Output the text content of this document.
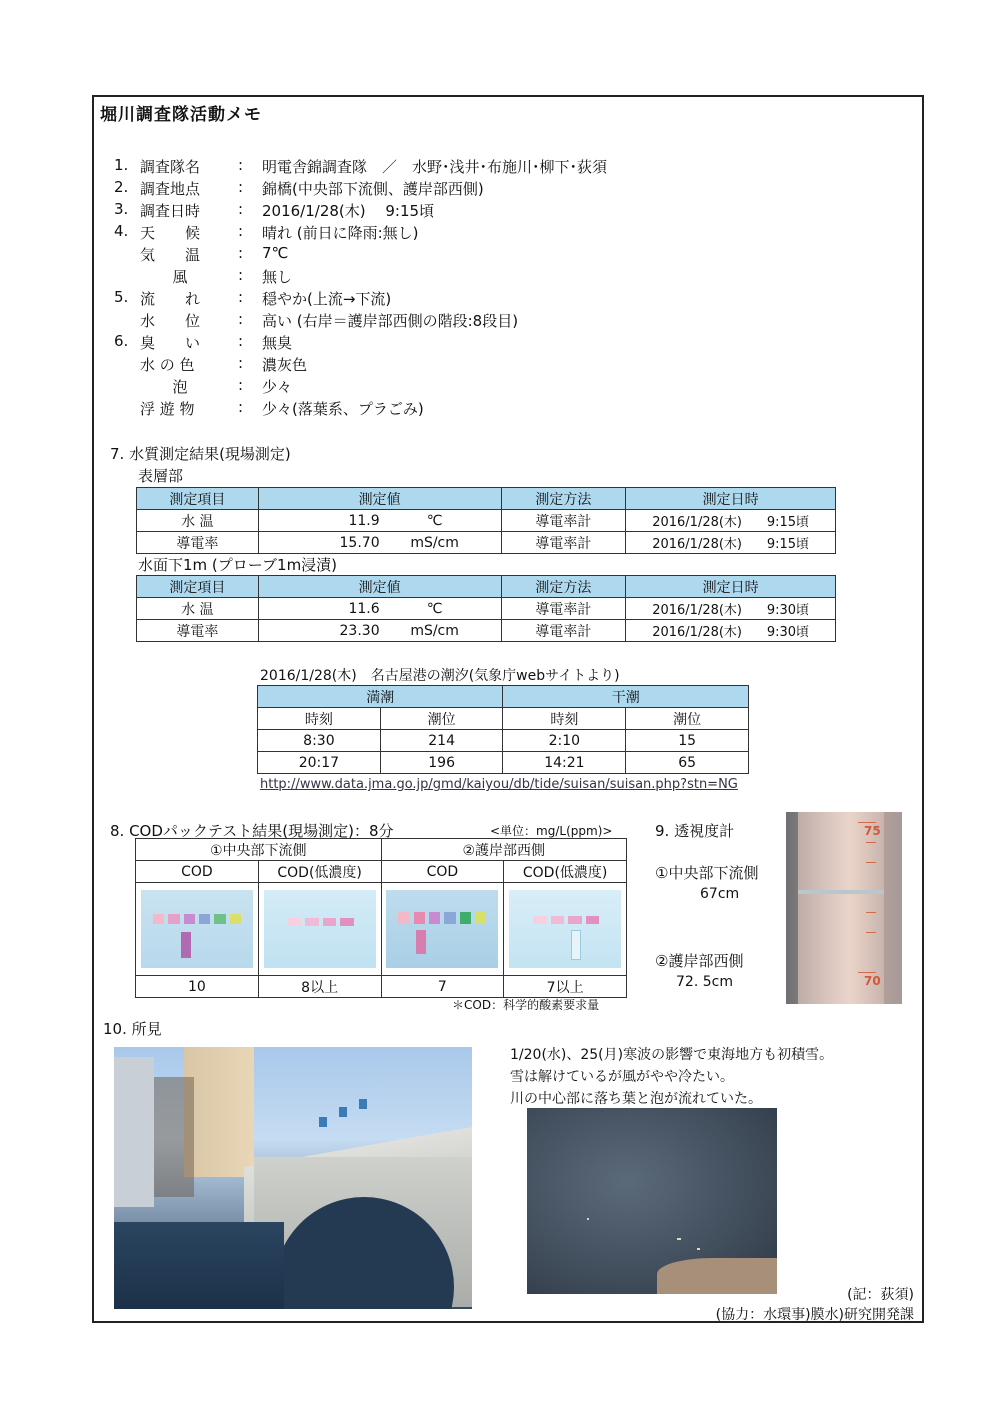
堀川調査隊活動メモ
1. 調査隊名	: 明電舎錦調査隊　／　水野･浅井･布施川･柳下･荻須
2. 調査地点	: 錦橋(中央部下流側、護岸部西側)
3. 調査日時	: 2016/1/28(木)　 9:15頃
4. 天　　候	: 晴れ (前日に降雨:無し)
気　　温	: 7℃
風	: 無し
5. 流　　れ	: 穏やか(上流→下流)
水　　位	: 高い (右岸＝護岸部西側の階段:8段目)
6. 臭　　い	: 無臭
水 の 色	: 濃灰色
泡	: 少々
浮 遊 物	: 少々(落葉系、プラごみ)
7. 水質測定結果(現場測定)
表層部
測定項目	測定値	測定方法	測定日時
水 温	11.9 ℃	導電率計	2016/1/28(木) 9:15頃
導電率	15.70 mS/cm	導電率計	2016/1/28(木) 9:15頃
水面下1m (プローブ1m浸漬)
測定項目	測定値	測定方法	測定日時
水 温	11.6 ℃	導電率計	2016/1/28(木) 9:30頃
導電率	23.30 mS/cm	導電率計	2016/1/28(木) 9:30頃
2016/1/28(木)　名古屋港の潮汐(気象庁webサイトより)
満潮		干潮	
時刻	潮位	時刻	潮位
8:30	214	2:10	15
20:17	196	14:21	65
http://www.data.jma.go.jp/gmd/kaiyou/db/tide/suisan/suisan.php?stn=NG
8. CODパックテスト結果(現場測定)：8分	<単位：mg/L(ppm)>
①中央部下流側		②護岸部西側	
COD	COD(低濃度)	COD	COD(低濃度)

10	8以上	7	7以上
＊COD：科学的酸素要求量
9. 透視度計
①中央部下流側
67cm
②護岸部西側
72. 5cm
75
70
10. 所見
1/20(水)、25(月)寒波の影響で東海地方も初積雪。
雪は解けているが風がやや冷たい。
川の中心部に落ち葉と泡が流れていた。
(記：荻須)
(協力：水環事)膜水)研究開発課
